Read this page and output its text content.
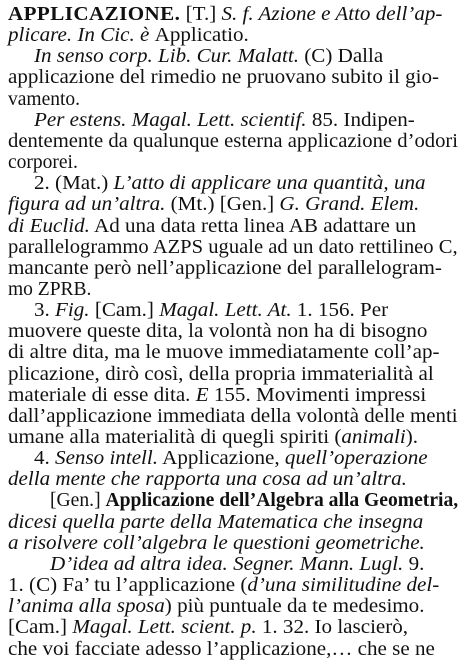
APPLICAZIONE. [T.] S. f. Azione e Atto dell’ap-
plicare. In Cic. è Applicatio.
In senso corp. Lib. Cur. Malatt. (C) Dalla
applicazione del rimedio ne pruovano subito il gio-
vamento.
Per estens. Magal. Lett. scientif. 85. Indipen-
dentemente da qualunque esterna applicazione d’odori
corporei.
2. (Mat.) L’atto di applicare una quantità, una
figura ad un’altra. (Mt.) [Gen.] G. Grand. Elem.
di Euclid. Ad una data retta linea AB adattare un
parallelogrammo AZPS uguale ad un dato rettilineo C,
mancante però nell’applicazione del parallelogram-
mo ZPRB.
3. Fig. [Cam.] Magal. Lett. At. 1. 156. Per
muovere queste dita, la volontà non ha di bisogno
di altre dita, ma le muove immediatamente coll’ap-
plicazione, dirò così, della propria immaterialità al
materiale di esse dita. E 155. Movimenti impressi
dall’applicazione immediata della volontà delle menti
umane alla materialità di quegli spiriti (animali).
4. Senso intell. Applicazione, quell’operazione
della mente che rapporta una cosa ad un’altra.
[Gen.] Applicazione dell’Algebra alla Geometria,
dicesi quella parte della Matematica che insegna
a risolvere coll’algebra le questioni geometriche.
D’idea ad altra idea. Segner. Mann. Lugl. 9.
1. (C) Fa’ tu l’applicazione (d’una similitudine del-
l’anima alla sposa) più puntuale da te medesimo.
[Cam.] Magal. Lett. scient. p. 1. 32. Io lascierò,
che voi facciate adesso l’applicazione,… che se ne
